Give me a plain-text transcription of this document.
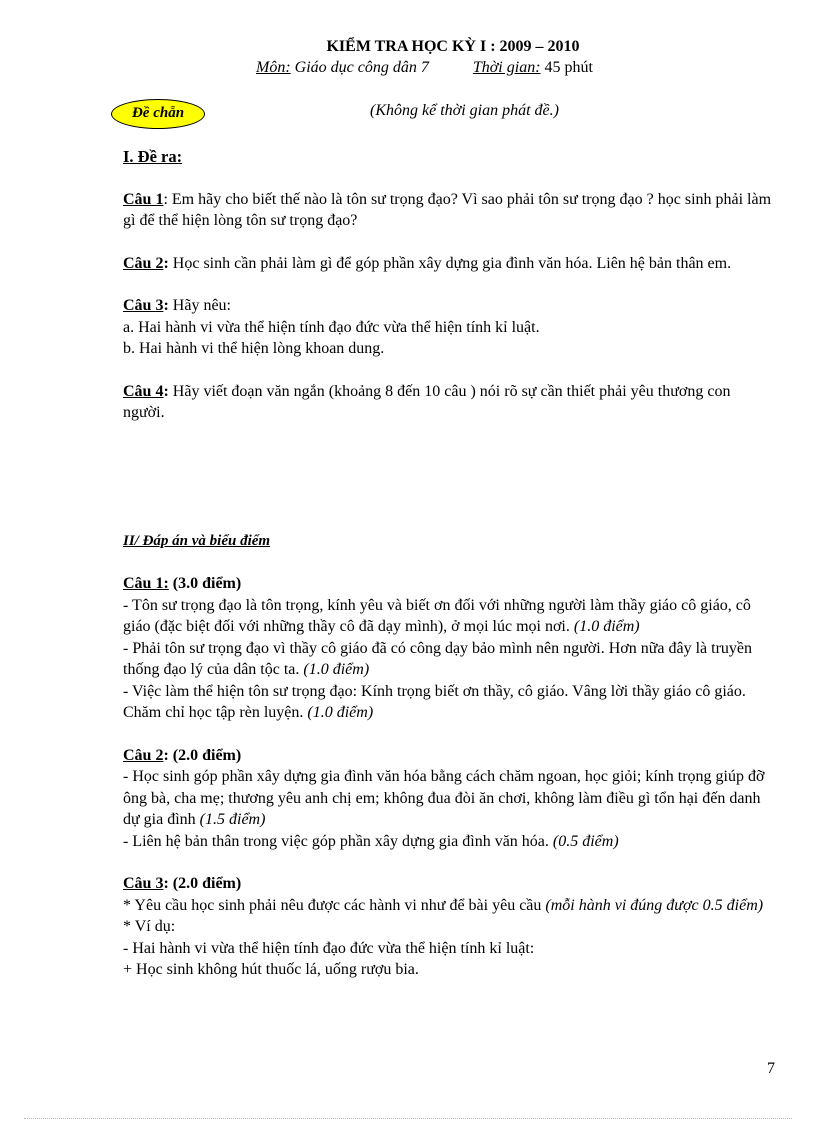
KIỂM TRA HỌC KỲ I : 2009 – 2010
Môn: Giáo dục công dân 7	Thời gian: 45 phút
Đề chẵn	(Không kể thời gian phát đề.)

I. Đề ra:

Câu 1: Em hãy cho biết thế nào là tôn sư trọng đạo? Vì sao phải tôn sư trọng đạo ? học sinh phải làm gì để thể hiện lòng tôn sư trọng đạo?

Câu 2: Học sinh cần phải làm gì để góp phần xây dựng gia đình văn hóa. Liên hệ bản thân em.

Câu 3: Hãy nêu:

a. Hai hành vi vừa thể hiện tính đạo đức vừa thể hiện tính kỉ luật.

b. Hai hành vi thể hiện lòng khoan dung.

Câu 4: Hãy viết đoạn văn ngắn (khoảng 8 đến 10 câu ) nói rõ sự cần thiết phải yêu thương con người.

II/ Đáp án và biểu điểm

Câu 1: (3.0 điểm)

- Tôn sư trọng đạo là tôn trọng, kính yêu và biết ơn đối với những người làm thầy giáo cô giáo, cô giáo (đặc biệt đối với những thầy cô đã dạy mình), ở mọi lúc mọi nơi. (1.0 điểm)

- Phải tôn sư trọng đạo vì thầy cô giáo đã có công dạy bảo mình nên người. Hơn nữa đây là truyền thống đạo lý của dân tộc ta. (1.0 điểm)

- Việc làm thể hiện tôn sư trọng đạo: Kính trọng biết ơn thầy, cô giáo. Vâng lời thầy giáo cô giáo. Chăm chỉ học tập rèn luyện. (1.0 điểm)

Câu 2: (2.0 điểm)

- Học sinh góp phần xây dựng gia đình văn hóa bằng cách chăm ngoan, học giỏi; kính trọng giúp đỡ ông bà, cha mẹ; thương yêu anh chị em; không đua đòi ăn chơi, không làm điều gì tổn hại đến danh dự gia đình (1.5 điểm)

- Liên hệ bản thân trong việc góp phần xây dựng gia đình văn hóa. (0.5 điểm)

Câu 3: (2.0 điểm)

* Yêu cầu học sinh phải nêu được các hành vi như để bài yêu cầu (mỗi hành vi đúng được 0.5 điểm)

* Ví dụ:

- Hai hành vi vừa thể hiện tính đạo đức vừa thể hiện tính kỉ luật:

+ Học sinh không hút thuốc lá, uống rượu bia.

7
